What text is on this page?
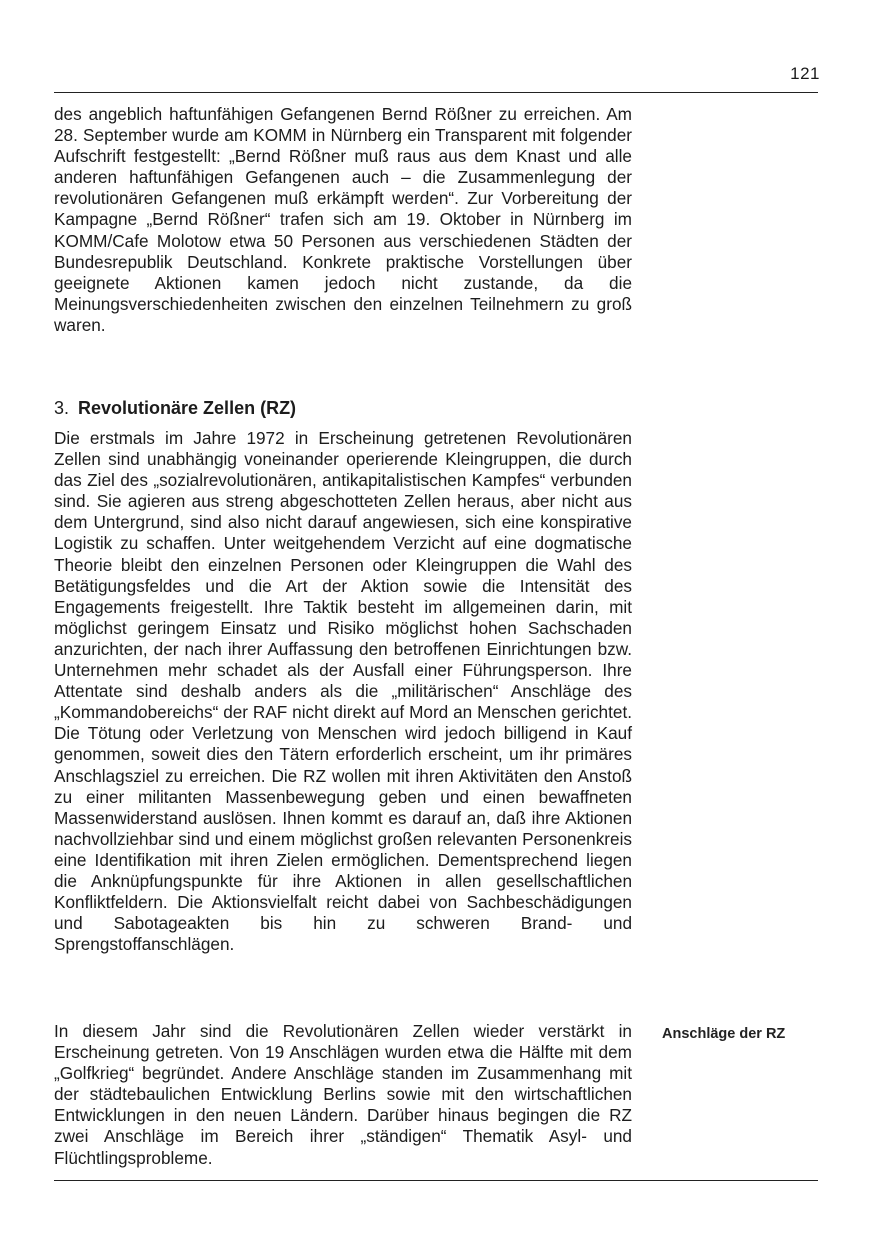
121

des angeblich haftunfähigen Gefangenen Bernd Rößner zu erreichen. Am 28. September wurde am KOMM in Nürnberg ein Transparent mit folgender Aufschrift festgestellt: „Bernd Rößner muß raus aus dem Knast und alle anderen haftunfähigen Gefangenen auch – die Zusammenlegung der revolutionären Gefangenen muß erkämpft werden“. Zur Vorbereitung der Kampagne „Bernd Rößner“ trafen sich am 19. Oktober in Nürnberg im KOMM/Cafe Molotow etwa 50 Personen aus verschiedenen Städten der Bundesrepublik Deutschland. Konkrete praktische Vorstellungen über geeignete Aktionen kamen jedoch nicht zustande, da die Meinungsverschiedenheiten zwischen den einzelnen Teilnehmern zu groß waren.

3. Revolutionäre Zellen (RZ)

Die erstmals im Jahre 1972 in Erscheinung getretenen Revolutionären Zellen sind unabhängig voneinander operierende Kleingruppen, die durch das Ziel des „sozialrevolutionären, antikapitalistischen Kampfes“ verbunden sind. Sie agieren aus streng abgeschotteten Zellen heraus, aber nicht aus dem Untergrund, sind also nicht darauf angewiesen, sich eine konspirative Logistik zu schaffen. Unter weitgehendem Verzicht auf eine dogmatische Theorie bleibt den einzelnen Personen oder Kleingruppen die Wahl des Betätigungsfeldes und die Art der Aktion sowie die Intensität des Engagements freigestellt. Ihre Taktik besteht im allgemeinen darin, mit möglichst geringem Einsatz und Risiko möglichst hohen Sachschaden anzurichten, der nach ihrer Auffassung den betroffenen Einrichtungen bzw. Unternehmen mehr schadet als der Ausfall einer Führungsperson. Ihre Attentate sind deshalb anders als die „militärischen“ Anschläge des „Kommandobereichs“ der RAF nicht direkt auf Mord an Menschen gerichtet. Die Tötung oder Verletzung von Menschen wird jedoch billigend in Kauf genommen, soweit dies den Tätern erforderlich erscheint, um ihr primäres Anschlagsziel zu erreichen. Die RZ wollen mit ihren Aktivitäten den Anstoß zu einer militanten Massenbewegung geben und einen bewaffneten Massenwiderstand auslösen. Ihnen kommt es darauf an, daß ihre Aktionen nachvollziehbar sind und einem möglichst großen relevanten Personenkreis eine Identifikation mit ihren Zielen ermöglichen. Dementsprechend liegen die Anknüpfungspunkte für ihre Aktionen in allen gesellschaftlichen Konfliktfeldern. Die Aktionsvielfalt reicht dabei von Sachbeschädigungen und Sabotageakten bis hin zu schweren Brand- und Sprengstoffanschlägen.

In diesem Jahr sind die Revolutionären Zellen wieder verstärkt in Erscheinung getreten. Von 19 Anschlägen wurden etwa die Hälfte mit dem „Golfkrieg“ begründet. Andere Anschläge standen im Zusammenhang mit der städtebaulichen Entwicklung Berlins sowie mit den wirtschaftlichen Entwicklungen in den neuen Ländern. Darüber hinaus begingen die RZ zwei Anschläge im Bereich ihrer „ständigen“ Thematik Asyl- und Flüchtlingsprobleme.

Anschläge der RZ
